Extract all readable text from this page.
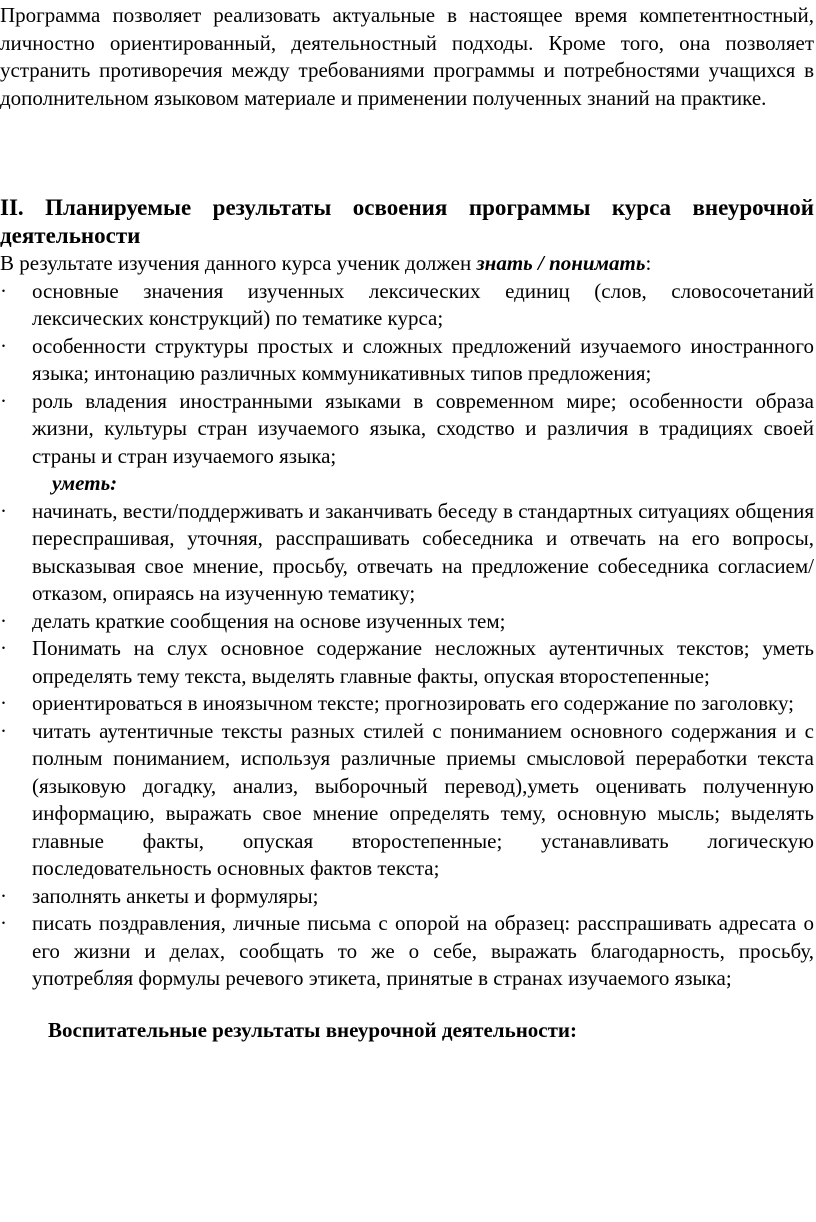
Программа позволяет реализовать актуальные в настоящее время компетентностный, личностно ориентированный, деятельностный подходы. Кроме того, она позволяет устранить противоречия между требованиями программы и потребностями учащихся в дополнительном языковом материале и применении полученных знаний на практике.

II. Планируемые результаты освоения программы курса внеурочной деятельности

В результате изучения данного курса ученик должен знать / понимать:

·	основные значения изученных лексических единиц (слов, словосочетаний лексических конструкций) по тематике курса;
·	особенности структуры простых и сложных предложений изучаемого иностранного языка; интонацию различных коммуникативных типов предложения;
·	роль владения иностранными языками в современном мире; особенности образа жизни, культуры стран изучаемого языка, сходство и различия в традициях своей страны и стран изучаемого языка;

уметь:

·	начинать, вести/поддерживать и заканчивать беседу в стандартных ситуациях общения переспрашивая, уточняя, расспрашивать собеседника и отвечать на его вопросы, высказывая свое мнение, просьбу, отвечать на предложение собеседника согласием/отказом, опираясь на изученную тематику;
·	делать краткие сообщения на основе изученных тем;
·	Понимать на слух основное содержание несложных аутентичных текстов; уметь определять тему текста, выделять главные факты, опуская второстепенные;
·	ориентироваться в иноязычном тексте; прогнозировать его содержание по заголовку;
·	читать аутентичные тексты разных стилей с пониманием основного содержания и с полным пониманием, используя различные приемы смысловой переработки текста (языковую догадку, анализ, выборочный перевод),уметь оценивать полученную информацию, выражать свое мнение определять тему, основную мысль; выделять главные факты, опуская второстепенные; устанавливать логическую последовательность основных фактов текста;
·	заполнять анкеты и формуляры;
·	писать поздравления, личные письма с опорой на образец: расспрашивать адресата о его жизни и делах, сообщать то же о себе, выражать благодарность, просьбу, употребляя формулы речевого этикета, принятые в странах изучаемого языка;

Воспитательные результаты внеурочной деятельности:
